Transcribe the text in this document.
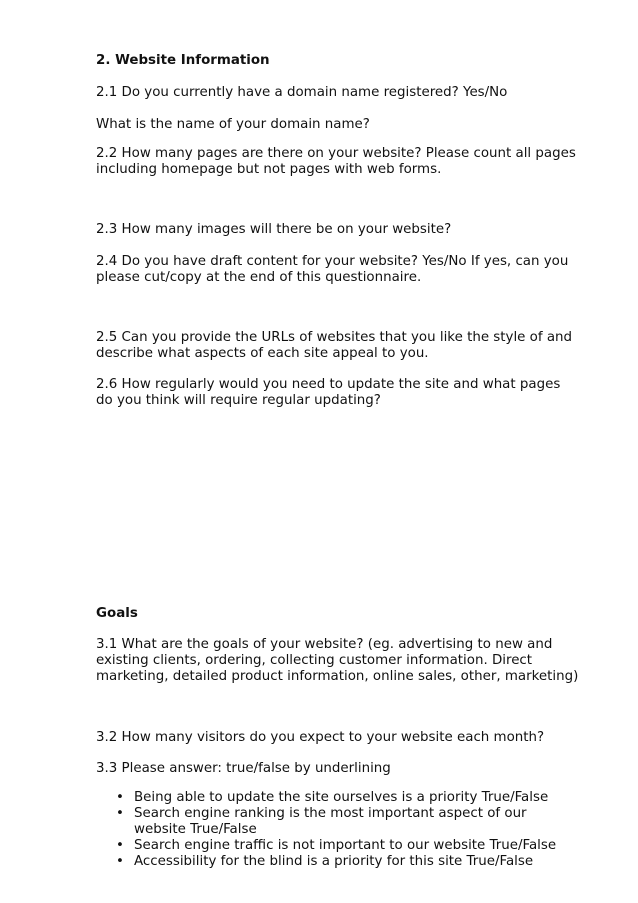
2. Website Information
2.1 Do you currently have a domain name registered? Yes/No
What is the name of your domain name?
2.2 How many pages are there on your website? Please count all pages
including homepage but not pages with web forms.
2.3 How many images will there be on your website?
2.4 Do you have draft content for your website? Yes/No If yes, can you
please cut/copy at the end of this questionnaire.
2.5 Can you provide the URLs of websites that you like the style of and
describe what aspects of each site appeal to you.
2.6 How regularly would you need to update the site and what pages
do you think will require regular updating?
Goals
3.1 What are the goals of your website? (eg. advertising to new and
existing clients, ordering, collecting customer information. Direct
marketing, detailed product information, online sales, other, marketing)
3.2 How many visitors do you expect to your website each month?
3.3 Please answer: true/false by underlining
• Being able to update the site ourselves is a priority True/False
• Search engine ranking is the most important aspect of our website True/False
• Search engine traffic is not important to our website True/False
• Accessibility for the blind is a priority for this site True/False
